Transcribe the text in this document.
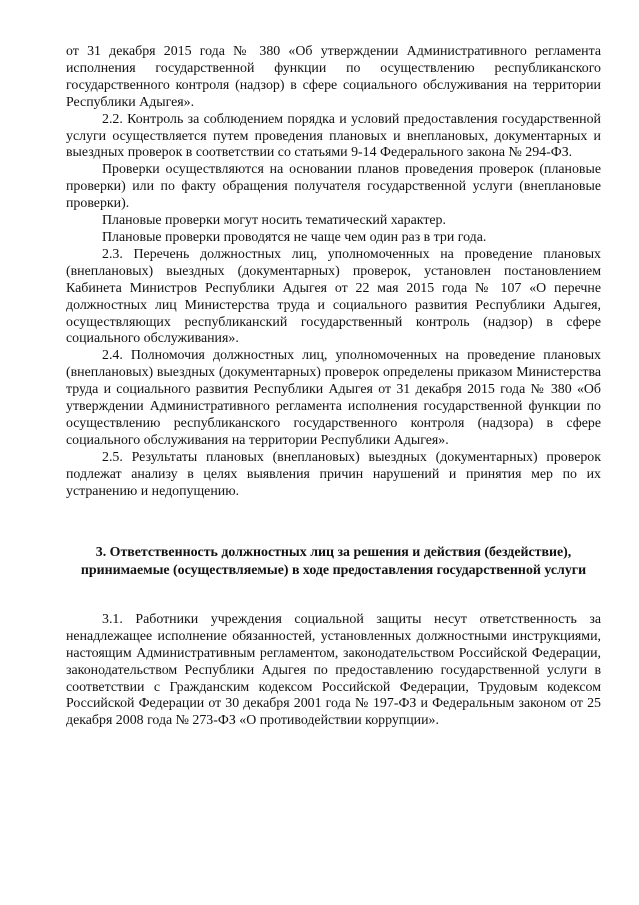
от 31 декабря 2015 года № 380 «Об утверждении Административного регламента исполнения государственной функции по осуществлению республиканского государственного контроля (надзор) в сфере социального обслуживания на территории Республики Адыгея».

2.2. Контроль за соблюдением порядка и условий предоставления государственной услуги осуществляется путем проведения плановых и внеплановых, документарных и выездных проверок в соответствии со статьями 9-14 Федерального закона № 294-ФЗ.

Проверки осуществляются на основании планов проведения проверок (плановые проверки) или по факту обращения получателя государственной услуги (внеплановые проверки).

Плановые проверки могут носить тематический характер.

Плановые проверки проводятся не чаще чем один раз в три года.

2.3. Перечень должностных лиц, уполномоченных на проведение плановых (внеплановых) выездных (документарных) проверок, установлен постановлением Кабинета Министров Республики Адыгея от 22 мая 2015 года № 107 «О перечне должностных лиц Министерства труда и социального развития Республики Адыгея, осуществляющих республиканский государственный контроль (надзор) в сфере социального обслуживания».

2.4. Полномочия должностных лиц, уполномоченных на проведение плановых (внеплановых) выездных (документарных) проверок определены приказом Министерства труда и социального развития Республики Адыгея от 31 декабря 2015 года № 380 «Об утверждении Административного регламента исполнения государственной функции по осуществлению республиканского государственного контроля (надзора) в сфере социального обслуживания на территории Республики Адыгея».

2.5. Результаты плановых (внеплановых) выездных (документарных) проверок подлежат анализу в целях выявления причин нарушений и принятия мер по их устранению и недопущению.

3. Ответственность должностных лиц за решения и действия (бездействие), принимаемые (осуществляемые) в ходе предоставления государственной услуги

3.1. Работники учреждения социальной защиты несут ответственность за ненадлежащее исполнение обязанностей, установленных должностными инструкциями, настоящим Административным регламентом, законодательством Российской Федерации, законодательством Республики Адыгея по предоставлению государственной услуги в соответствии с Гражданским кодексом Российской Федерации, Трудовым кодексом Российской Федерации от 30 декабря 2001 года № 197-ФЗ и Федеральным законом от 25 декабря 2008 года № 273-ФЗ «О противодействии коррупции».
